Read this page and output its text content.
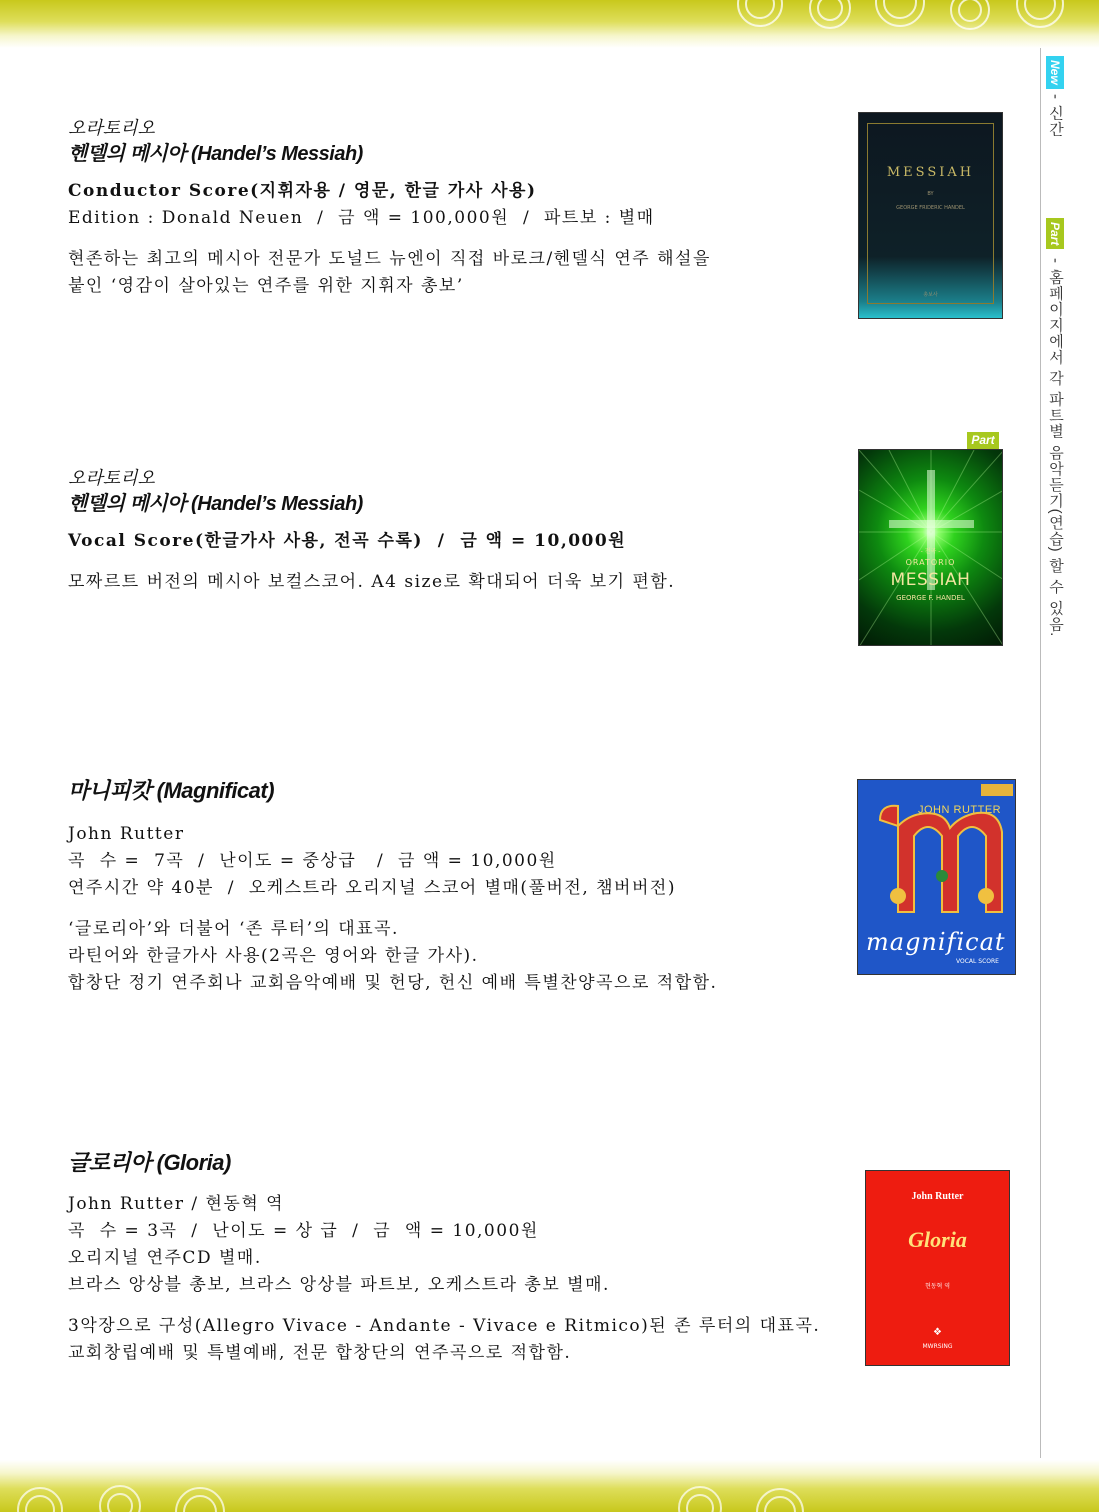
New
- 신간
Part
- 홈페이지에서 각 파트별 음악듣기(연습) 할 수 있음.
오라토리오
헨델의 메시아 (Handel’s Messiah)
Conductor Score(지휘자용 / 영문, 한글 가사 사용)
Edition : Donald Neuen  /  금 액 = 100,000원  /  파트보 : 별매
현존하는 최고의 메시아 전문가 도널드 뉴엔이 직접 바로크/헨델식 연주 해설을
붙인 ‘영감이 살아있는 연주를 위한 지휘자 총보’
MESSIAH
BY
GEORGE FRIDERIC HANDEL
총보사
오라토리오
헨델의 메시아 (Handel’s Messiah)
Vocal Score(한글가사 사용, 전곡 수록)  /  금 액 = 10,000원
모짜르트 버전의 메시아 보컬스코어. A4 size로 확대되어 더욱 보기 편함.
Part
- 전곡 -
ORATORIO
MESSIAH
GEORGE F. HANDEL
마니피캇 (Magnificat)
John Rutter
곡  수 =  7곡  /  난이도 = 중상급   /  금 액 = 10,000원
연주시간 약 40분  /  오케스트라 오리지널 스코어 별매(풀버전, 챔버버전)
‘글로리아’와 더불어 ‘존 루터’의 대표곡.
라틴어와 한글가사 사용(2곡은 영어와 한글 가사).
합창단 정기 연주회나 교회음악예배 및 헌당, 헌신 예배 특별찬양곡으로 적합함.
JOHN RUTTER
magnificat
VOCAL SCORE
글로리아 (Gloria)
John Rutter / 현동혁 역
곡  수 = 3곡  /  난이도 = 상 급  /  금  액 = 10,000원
오리지널 연주CD 별매.
브라스 앙상블 총보, 브라스 앙상블 파트보, 오케스트라 총보 별매.
3악장으로 구성(Allegro Vivace - Andante - Vivace e Ritmico)된 존 루터의 대표곡.
교회창립예배 및 특별예배, 전문 합창단의 연주곡으로 적합함.
John Rutter
Gloria
현동혁 역
❖
MWRSING
